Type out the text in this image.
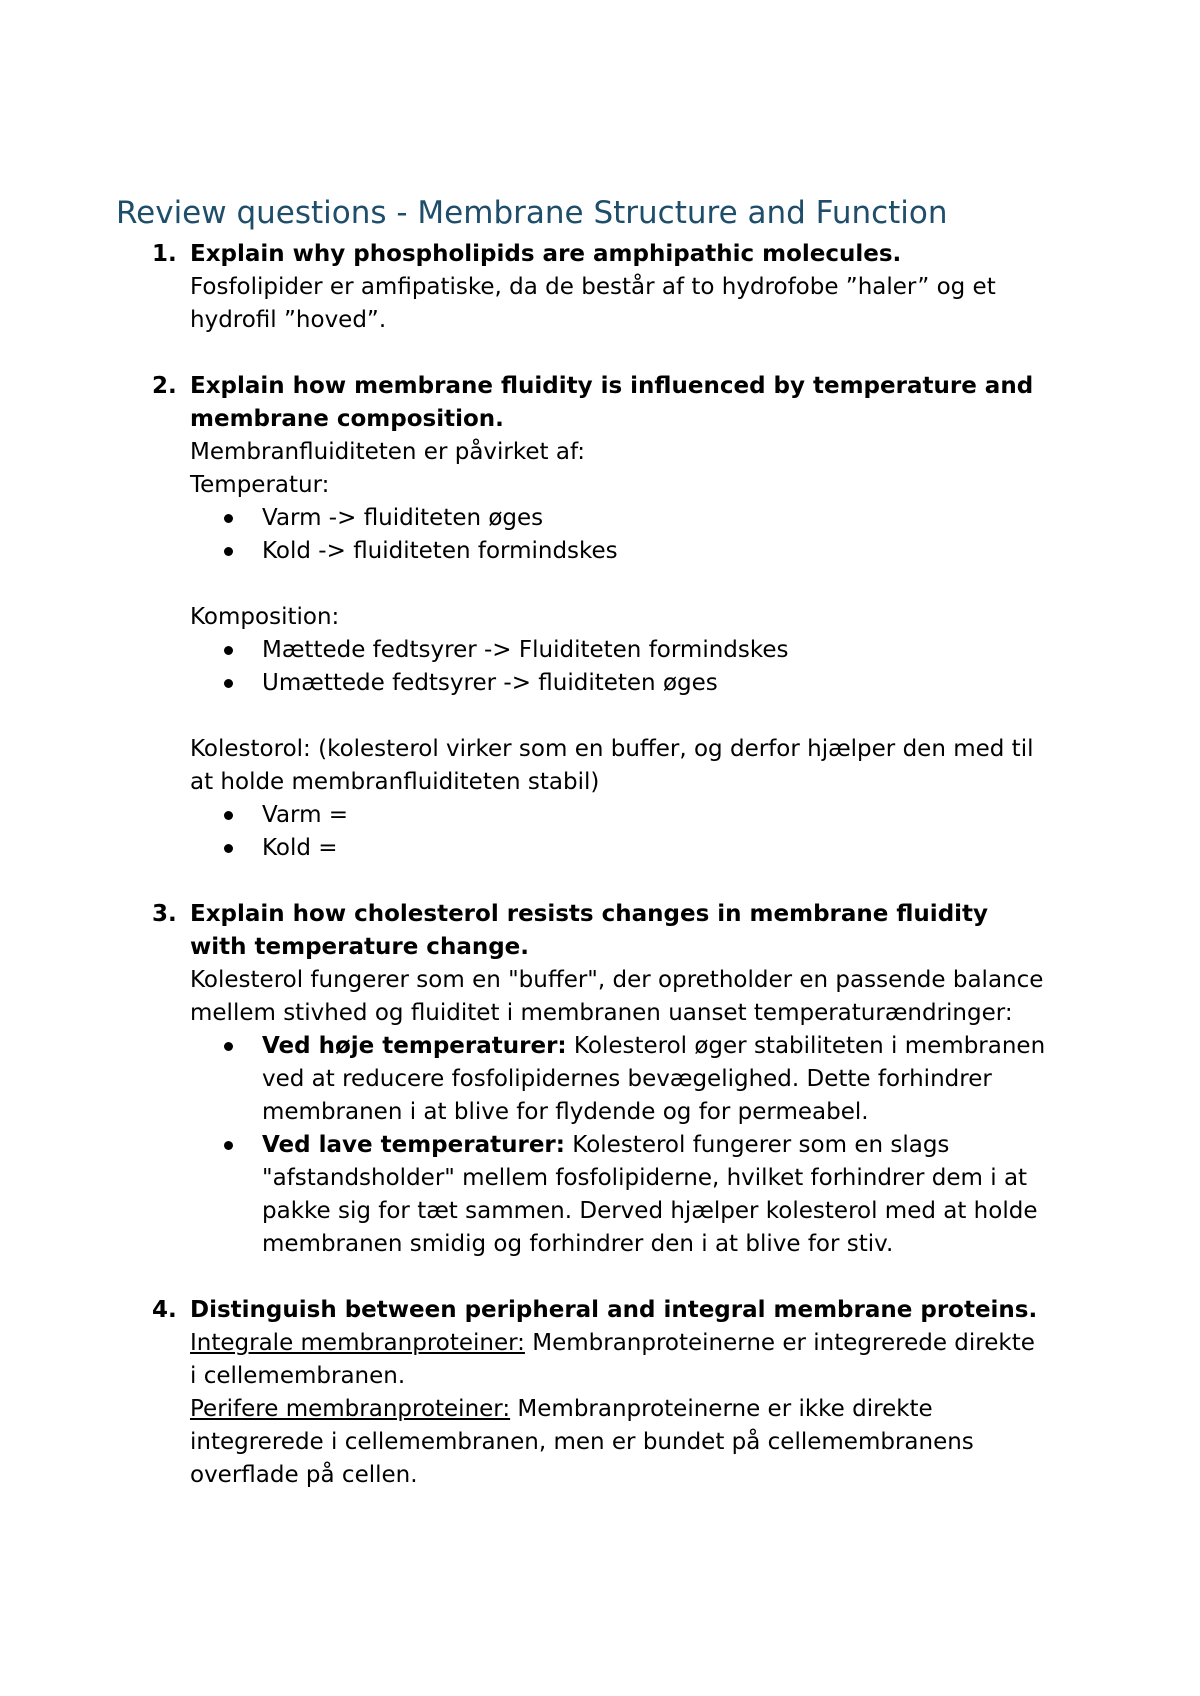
Review questions - Membrane Structure and Function
1. Explain why phospholipids are amphipathic molecules.
Fosfolipider er amfipatiske, da de består af to hydrofobe ”haler” og et
hydrofil ”hoved”.
2. Explain how membrane fluidity is influenced by temperature and
membrane composition.
Membranfluiditeten er påvirket af:
Temperatur:
Varm -> fluiditeten øges
Kold -> fluiditeten formindskes
Komposition:
Mættede fedtsyrer -> Fluiditeten formindskes
Umættede fedtsyrer -> fluiditeten øges
Kolestorol: (kolesterol virker som en buffer, og derfor hjælper den med til
at holde membranfluiditeten stabil)
Varm =
Kold =
3. Explain how cholesterol resists changes in membrane fluidity
with temperature change.
Kolesterol fungerer som en "buffer", der opretholder en passende balance
mellem stivhed og fluiditet i membranen uanset temperaturændringer:
Ved høje temperaturer: Kolesterol øger stabiliteten i membranen
ved at reducere fosfolipidernes bevægelighed. Dette forhindrer
membranen i at blive for flydende og for permeabel.
Ved lave temperaturer: Kolesterol fungerer som en slags
"afstandsholder" mellem fosfolipiderne, hvilket forhindrer dem i at
pakke sig for tæt sammen. Derved hjælper kolesterol med at holde
membranen smidig og forhindrer den i at blive for stiv.
4. Distinguish between peripheral and integral membrane proteins.
Integrale membranproteiner: Membranproteinerne er integrerede direkte
i cellemembranen.
Perifere membranproteiner: Membranproteinerne er ikke direkte
integrerede i cellemembranen, men er bundet på cellemembranens
overflade på cellen.
